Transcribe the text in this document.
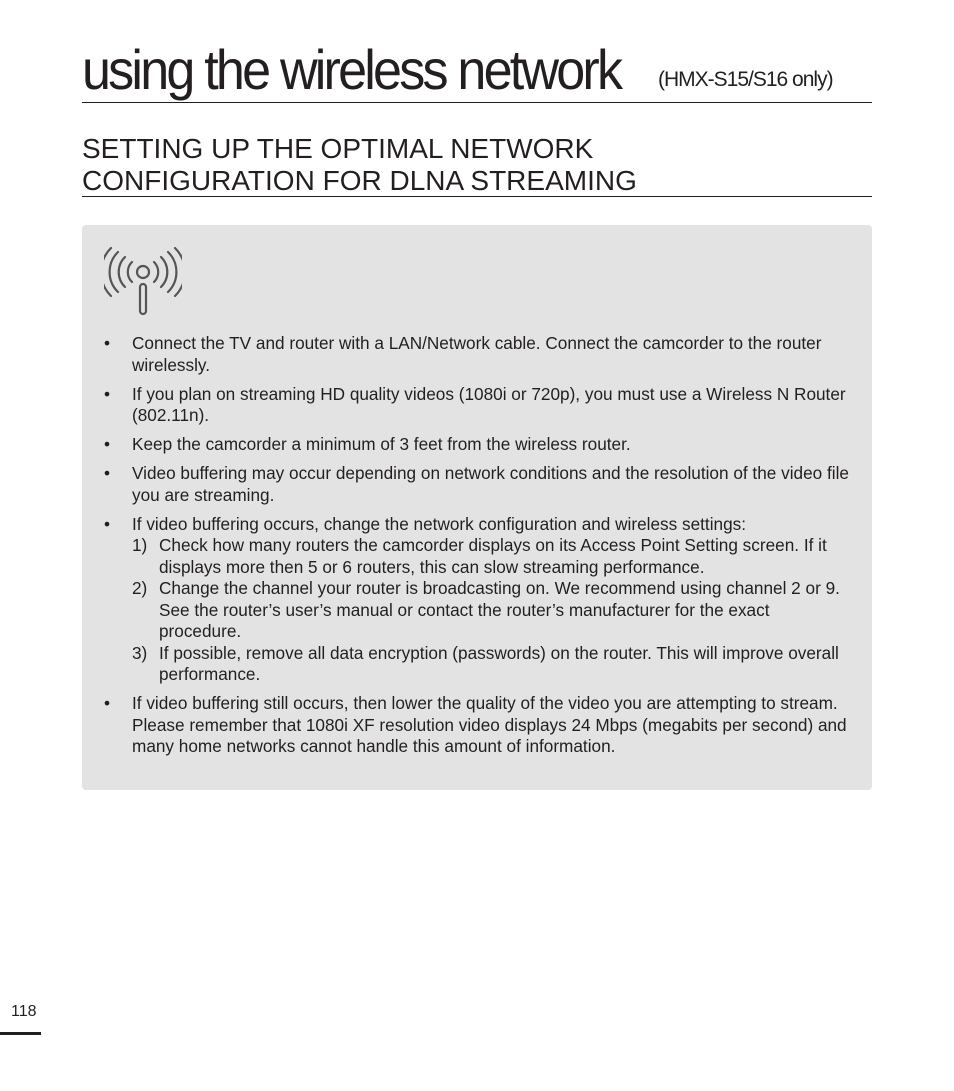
using the wireless network (HMX-S15/S16 only)
SETTING UP THE OPTIMAL NETWORK
CONFIGURATION FOR DLNA STREAMING
• Connect the TV and router with a LAN/Network cable. Connect the camcorder to the router wirelessly.
• If you plan on streaming HD quality videos (1080i or 720p), you must use a Wireless N Router (802.11n).
• Keep the camcorder a minimum of 3 feet from the wireless router.
• Video buffering may occur depending on network conditions and the resolution of the video file you are streaming.
• If video buffering occurs, change the network configuration and wireless settings:
1) Check how many routers the camcorder displays on its Access Point Setting screen. If it displays more then 5 or 6 routers, this can slow streaming performance.
2) Change the channel your router is broadcasting on. We recommend using channel 2 or 9. See the router’s user’s manual or contact the router’s manufacturer for the exact procedure.
3) If possible, remove all data encryption (passwords) on the router. This will improve overall performance.
• If video buffering still occurs, then lower the quality of the video you are attempting to stream. Please remember that 1080i XF resolution video displays 24 Mbps (megabits per second) and many home networks cannot handle this amount of information.
118
